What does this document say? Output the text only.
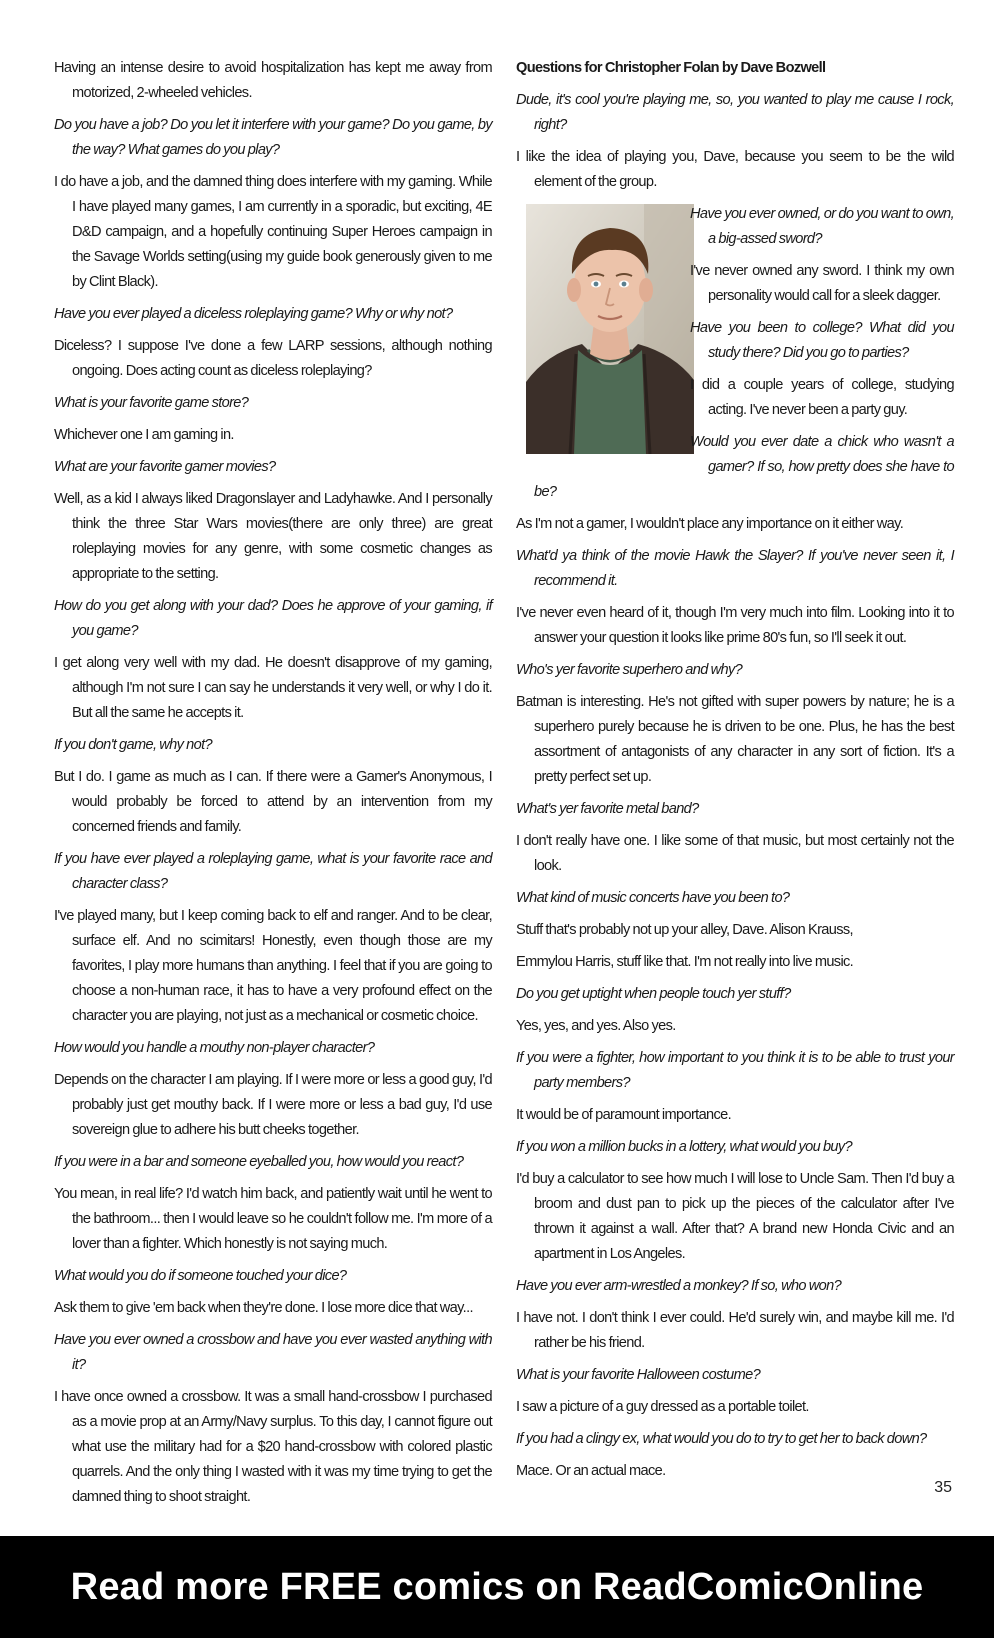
Having an intense desire to avoid hospitalization has kept me away from motorized, 2-wheeled vehicles.

Do you have a job? Do you let it interfere with your game? Do you game, by the way? What games do you play?

I do have a job, and the damned thing does interfere with my gaming. While I have played many games, I am currently in a sporadic, but exciting, 4E D&D campaign, and a hopefully continuing Super Heroes campaign in the Savage Worlds setting(using my guide book generously given to me by Clint Black).

Have you ever played a diceless roleplaying game? Why or why not?

Diceless? I suppose I've done a few LARP sessions, although nothing ongoing. Does acting count as diceless roleplaying?

What is your favorite game store?

Whichever one I am gaming in.

What are your favorite gamer movies?

Well, as a kid I always liked Dragonslayer and Ladyhawke. And I personally think the three Star Wars movies(there are only three) are great roleplaying movies for any genre, with some cosmetic changes as appropriate to the setting.

How do you get along with your dad? Does he approve of your gaming, if you game?

I get along very well with my dad. He doesn't disapprove of my gaming, although I'm not sure I can say he understands it very well, or why I do it. But all the same he accepts it.

If you don't game, why not?

But I do. I game as much as I can. If there were a Gamer's Anonymous, I would probably be forced to attend by an intervention from my concerned friends and family.

If you have ever played a roleplaying game, what is your favorite race and character class?

I've played many, but I keep coming back to elf and ranger. And to be clear, surface elf. And no scimitars! Honestly, even though those are my favorites, I play more humans than anything. I feel that if you are going to choose a non-human race, it has to have a very profound effect on the character you are playing, not just as a mechanical or cosmetic choice.

How would you handle a mouthy non-player character?

Depends on the character I am playing. If I were more or less a good guy, I'd probably just get mouthy back. If I were more or less a bad guy, I'd use sovereign glue to adhere his butt cheeks together.

If you were in a bar and someone eyeballed you, how would you react?

You mean, in real life? I'd watch him back, and patiently wait until he went to the bathroom... then I would leave so he couldn't follow me. I'm more of a lover than a fighter. Which honestly is not saying much.

What would you do if someone touched your dice?

Ask them to give 'em back when they're done. I lose more dice that way...

Have you ever owned a crossbow and have you ever wasted anything with it?

I have once owned a crossbow. It was a small hand-crossbow I purchased as a movie prop at an Army/Navy surplus. To this day, I cannot figure out what use the military had for a $20 hand-crossbow with colored plastic quarrels. And the only thing I wasted with it was my time trying to get the damned thing to shoot straight.

Questions for Christopher Folan by Dave Bozwell

Dude, it's cool you're playing me, so, you wanted to play me cause I rock, right?

I like the idea of playing you, Dave, because you seem to be the wild element of the group.

Have you ever owned, or do you want to own, a big-assed sword?

I've never owned any sword. I think my own personality would call for a sleek dagger.

Have you been to college? What did you study there? Did you go to parties?

I did a couple years of college, studying acting. I've never been a party guy.

Would you ever date a chick who wasn't a gamer? If so, how pretty does she have to be?

As I'm not a gamer, I wouldn't place any importance on it either way.

What'd ya think of the movie Hawk the Slayer? If you've never seen it, I recommend it.

I've never even heard of it, though I'm very much into film. Looking into it to answer your question it looks like prime 80's fun, so I'll seek it out.

Who's yer favorite superhero and why?

Batman is interesting. He's not gifted with super powers by nature; he is a superhero purely because he is driven to be one. Plus, he has the best assortment of antagonists of any character in any sort of fiction. It's a pretty perfect set up.

What's yer favorite metal band?

I don't really have one. I like some of that music, but most certainly not the look.

What kind of music concerts have you been to?

Stuff that's probably not up your alley, Dave. Alison Krauss,

Emmylou Harris, stuff like that. I'm not really into live music.

Do you get uptight when people touch yer stuff?

Yes, yes, and yes. Also yes.

If you were a fighter, how important to you think it is to be able to trust your party members?

It would be of paramount importance.

If you won a million bucks in a lottery, what would you buy?

I'd buy a calculator to see how much I will lose to Uncle Sam. Then I'd buy a broom and dust pan to pick up the pieces of the calculator after I've thrown it against a wall. After that? A brand new Honda Civic and an apartment in Los Angeles.

Have you ever arm-wrestled a monkey? If so, who won?

I have not. I don't think I ever could. He'd surely win, and maybe kill me. I'd rather be his friend.

What is your favorite Halloween costume?

I saw a picture of a guy dressed as a portable toilet.

If you had a clingy ex, what would you do to try to get her to back down?

Mace. Or an actual mace.

35
Read more FREE comics on ReadComicOnline
